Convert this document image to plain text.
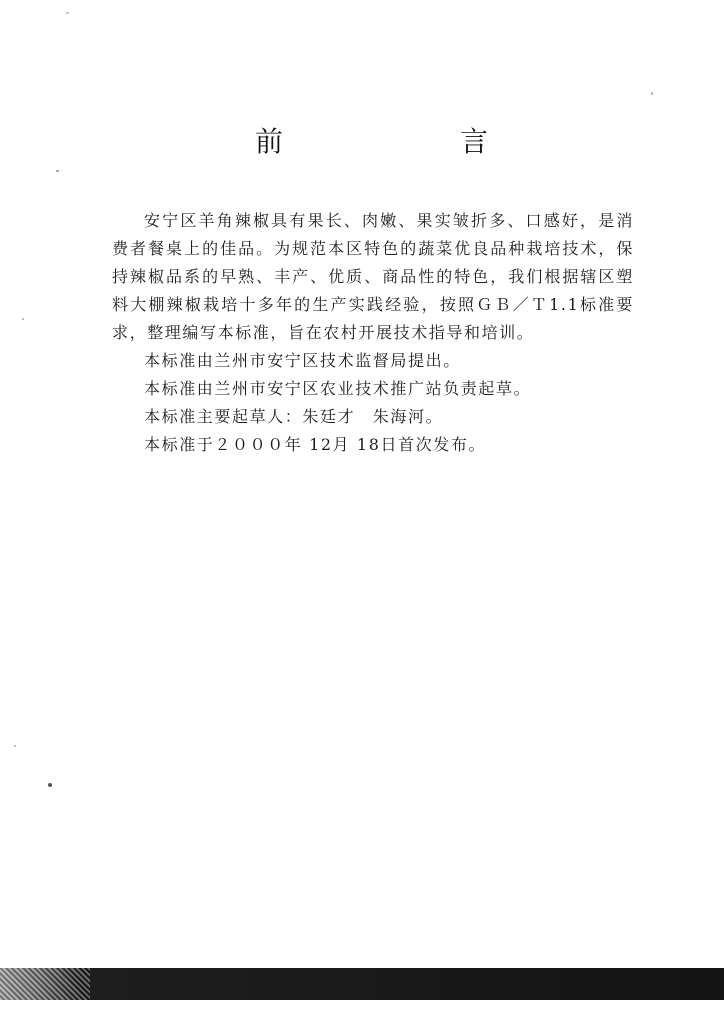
前	言

安宁区羊角辣椒具有果长、肉嫩、果实皱折多、口感好，是消费者餐桌上的佳品。为规范本区特色的蔬菜优良品种栽培技术，保持辣椒品系的早熟、丰产、优质、商品性的特色，我们根据辖区塑料大棚辣椒栽培十多年的生产实践经验，按照ＧＢ／Ｔ1.1标准要求，整理编写本标准，旨在农村开展技术指导和培训。

本标准由兰州市安宁区技术监督局提出。

本标准由兰州市安宁区农业技术推广站负责起草。

本标准主要起草人：朱廷才　朱海河。

本标准于２０００年 12月 18日首次发布。
